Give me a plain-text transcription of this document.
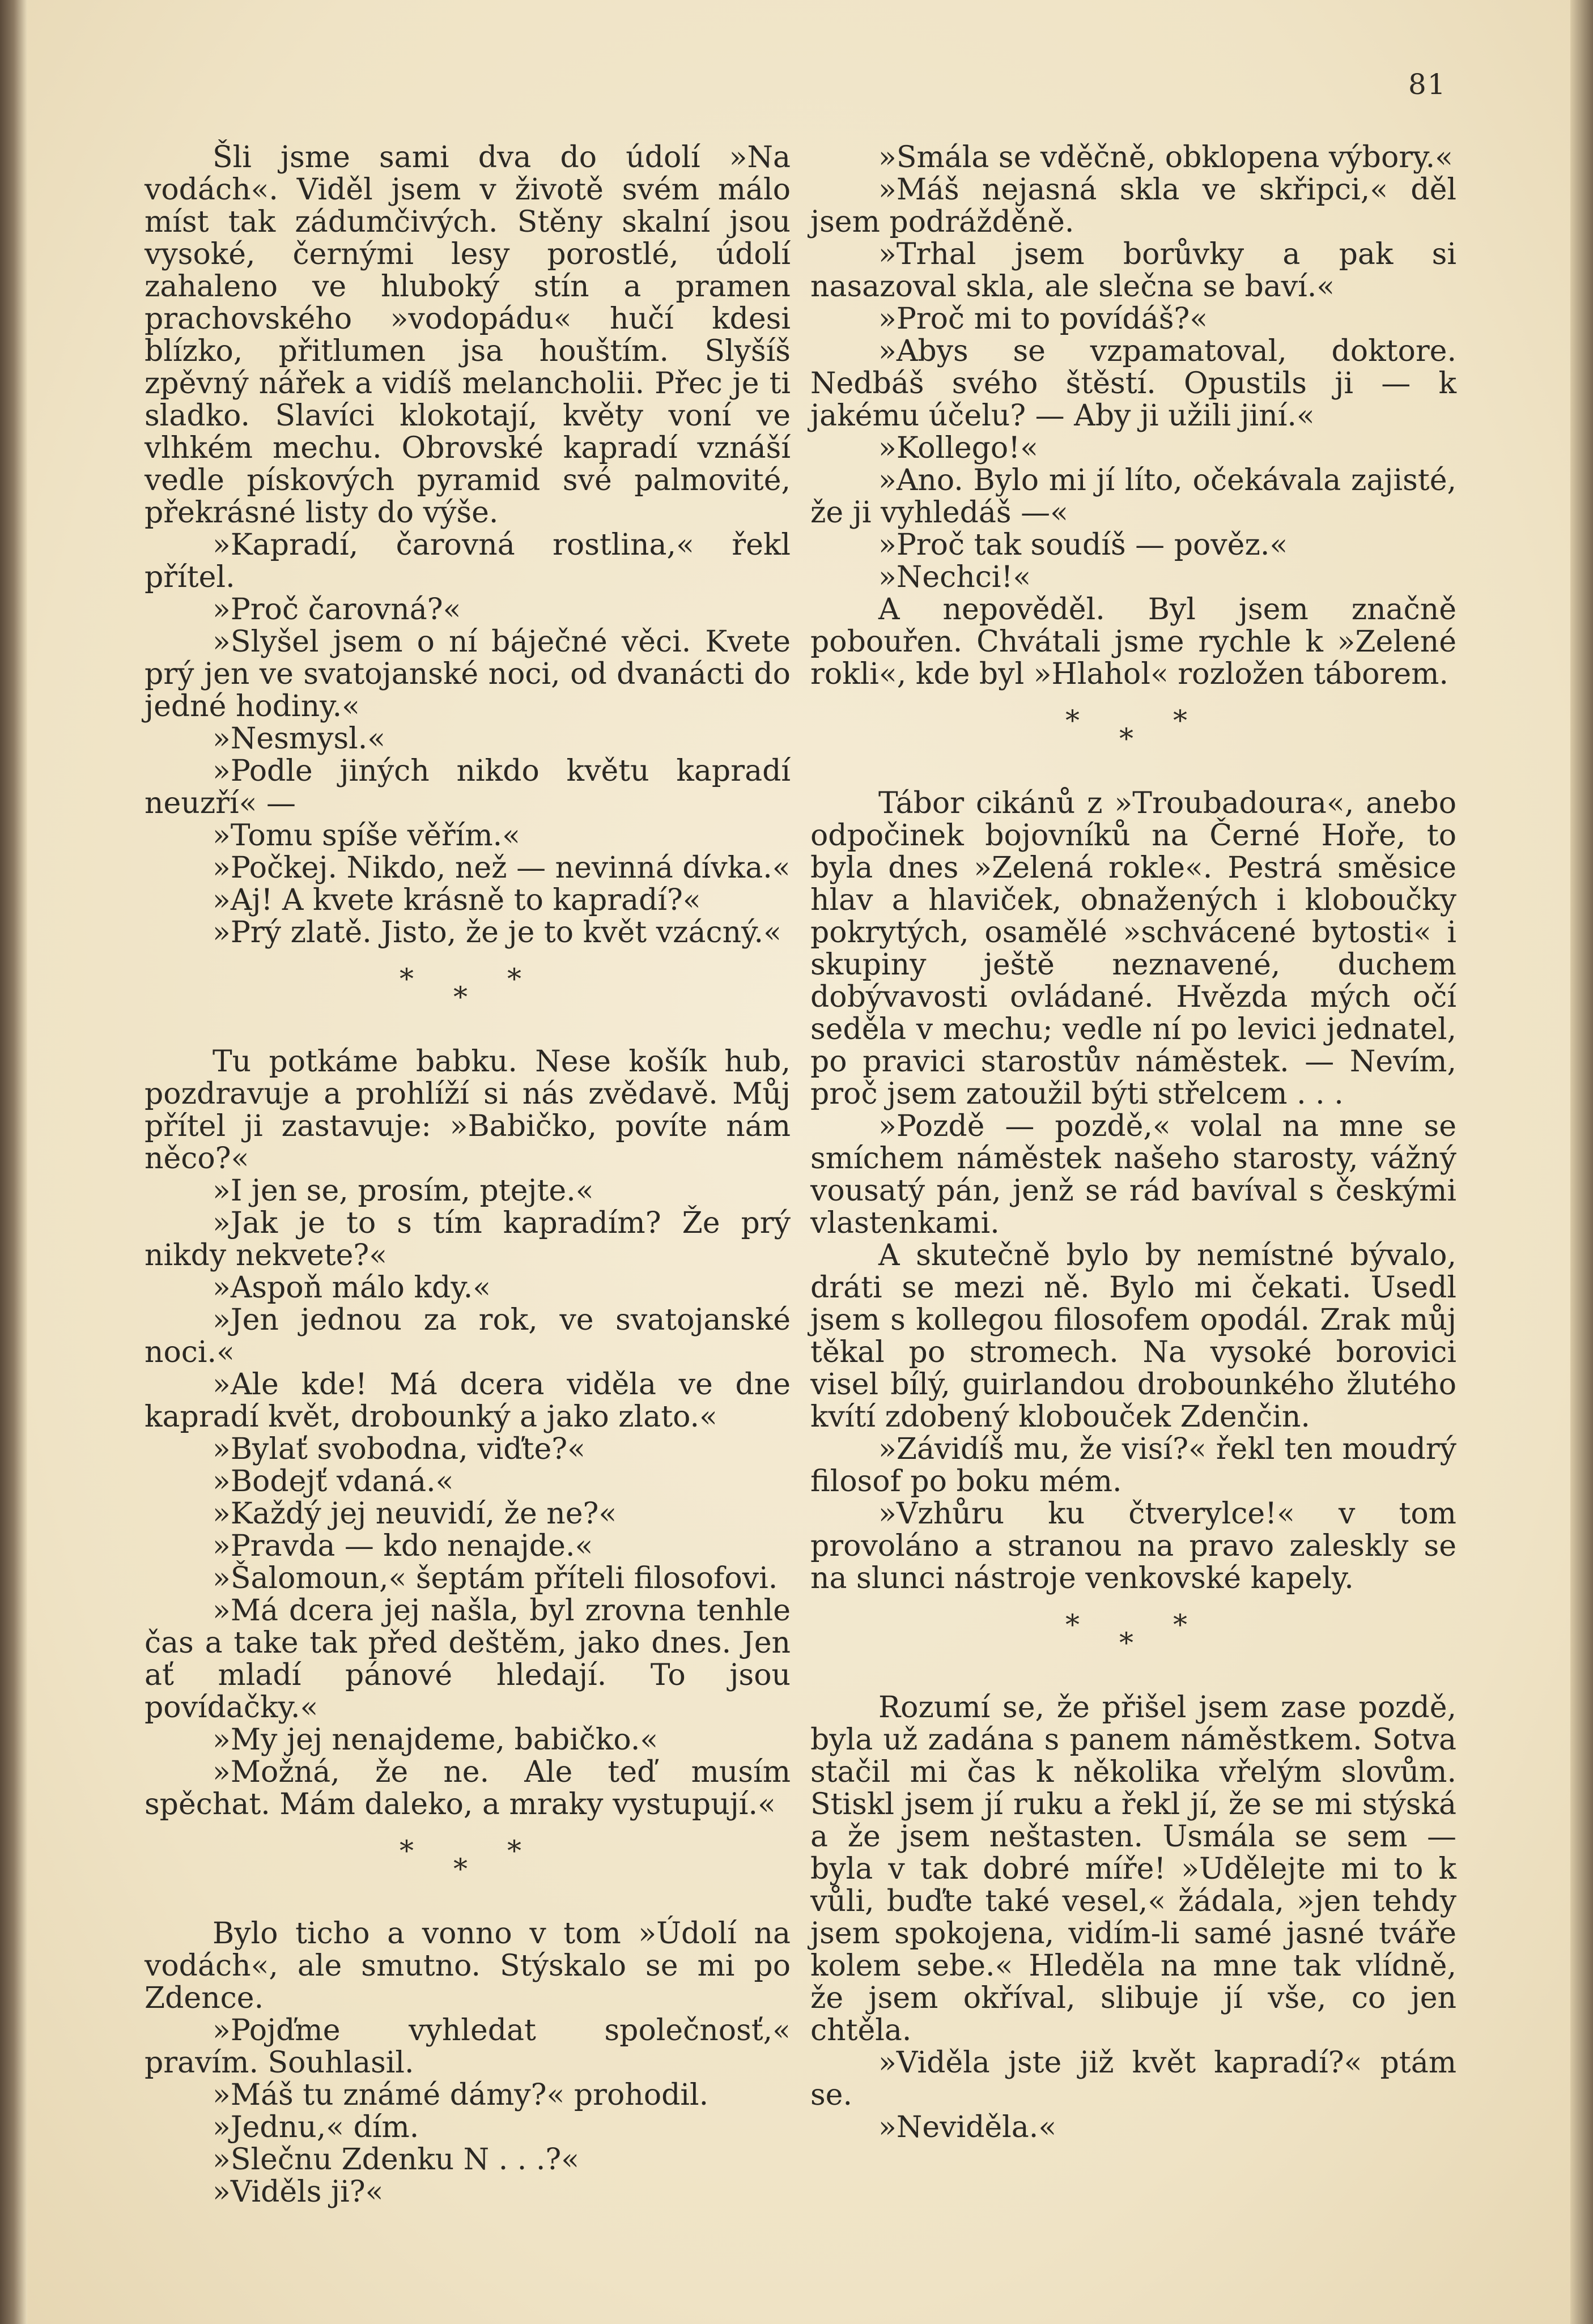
81

Šli jsme sami dva do údolí »Na vodách«. Viděl jsem v životě svém málo míst tak zádumčivých. Stěny skalní jsou vysoké, černými lesy porostlé, údolí zahaleno ve hluboký stín a pramen prachovského »vodopádu« hučí kdesi blízko, přitlumen jsa houštím. Slyšíš zpěvný nářek a vidíš melancholii. Přec je ti sladko. Slavíci klokotají, květy voní ve vlhkém mechu. Obrovské kapradí vznáší vedle pískových pyramid své palmovité, překrásné listy do výše.

»Kapradí, čarovná rostlina,« řekl přítel.

»Proč čarovná?«

»Slyšel jsem o ní báječné věci. Kvete prý jen ve svatojanské noci, od dvanácti do jedné hodiny.«

»Nesmysl.«

»Podle jiných nikdo květu kapradí neuzří« —

»Tomu spíše věřím.«

»Počkej. Nikdo, než — nevinná dívka.«

»Aj! A kvete krásně to kapradí?«

»Prý zlatě. Jisto, že je to květ vzácný.«

*
*
*

Tu potkáme babku. Nese košík hub, pozdravuje a prohlíží si nás zvědavě. Můj přítel ji zastavuje: »Babičko, povíte nám něco?«

»I jen se, prosím, ptejte.«

»Jak je to s tím kapradím? Že prý nikdy nekvete?«

»Aspoň málo kdy.«

»Jen jednou za rok, ve svatojanské noci.«

»Ale kde! Má dcera viděla ve dne kapradí květ, drobounký a jako zlato.«

»Bylať svobodna, viďte?«

»Bodejť vdaná.«

»Každý jej neuvidí, že ne?«

»Pravda — kdo nenajde.«

»Šalomoun,« šeptám příteli filosofovi.

»Má dcera jej našla, byl zrovna tenhle čas a take tak před deštěm, jako dnes. Jen ať mladí pánové hledají. To jsou povídačky.«

»My jej nenajdeme, babičko.«

»Možná, že ne. Ale teď musím spěchat. Mám daleko, a mraky vystupují.«

*
*
*

Bylo ticho a vonno v tom »Údolí na vodách«, ale smutno. Stýskalo se mi po Zdence.

»Pojďme vyhledat společnosť,« pravím. Souhlasil.

»Máš tu známé dámy?« prohodil.

»Jednu,« dím.

»Slečnu Zdenku N . . .?«

»Viděls ji?«

»Smála se vděčně, obklopena výbory.«

»Máš nejasná skla ve skřipci,« děl jsem podrážděně.

»Trhal jsem borůvky a pak si nasazoval skla, ale slečna se baví.«

»Proč mi to povídáš?«

»Abys se vzpamatoval, doktore. Nedbáš svého štěstí. Opustils ji — k jakému účelu? — Aby ji užili jiní.«

»Kollego!«

»Ano. Bylo mi jí líto, očekávala zajisté, že ji vyhledáš —«

»Proč tak soudíš — pověz.«

»Nechci!«

A nepověděl. Byl jsem značně pobouřen. Chvátali jsme rychle k »Zelené rokli«, kde byl »Hlahol« rozložen táborem.

*
*
*

Tábor cikánů z »Troubadoura«, anebo odpočinek bojovníků na Černé Hoře, to byla dnes »Zelená rokle«. Pestrá směsice hlav a hlaviček, obnažených i kloboučky pokrytých, osamělé »schvácené bytosti« i skupiny ještě neznavené, duchem dobývavosti ovládané. Hvězda mých očí seděla v mechu; vedle ní po levici jednatel, po pravici starostův náměstek. — Nevím, proč jsem zatoužil býti střelcem . . .

»Pozdě — pozdě,« volal na mne se smíchem náměstek našeho starosty, vážný vousatý pán, jenž se rád bavíval s českými vlastenkami.

A skutečně bylo by nemístné bývalo, dráti se mezi ně. Bylo mi čekati. Usedl jsem s kollegou filosofem opodál. Zrak můj těkal po stromech. Na vysoké borovici visel bílý, guirlandou drobounkého žlutého kvítí zdobený klobouček Zdenčin.

»Závidíš mu, že visí?« řekl ten moudrý filosof po boku mém.

»Vzhůru ku čtverylce!« v tom provoláno a stranou na pravo zaleskly se na slunci nástroje venkovské kapely.

*
*
*

Rozumí se, že přišel jsem zase pozdě, byla už zadána s panem náměstkem. Sotva stačil mi čas k několika vřelým slovům. Stiskl jsem jí ruku a řekl jí, že se mi stýská a že jsem neštasten. Usmála se sem — byla v tak dobré míře! »Udělejte mi to k vůli, buďte také vesel,« žádala, »jen tehdy jsem spokojena, vidím-li samé jasné tváře kolem sebe.« Hleděla na mne tak vlídně, že jsem okříval, slibuje jí vše, co jen chtěla.

»Viděla jste již květ kapradí?« ptám se.

»Neviděla.«
